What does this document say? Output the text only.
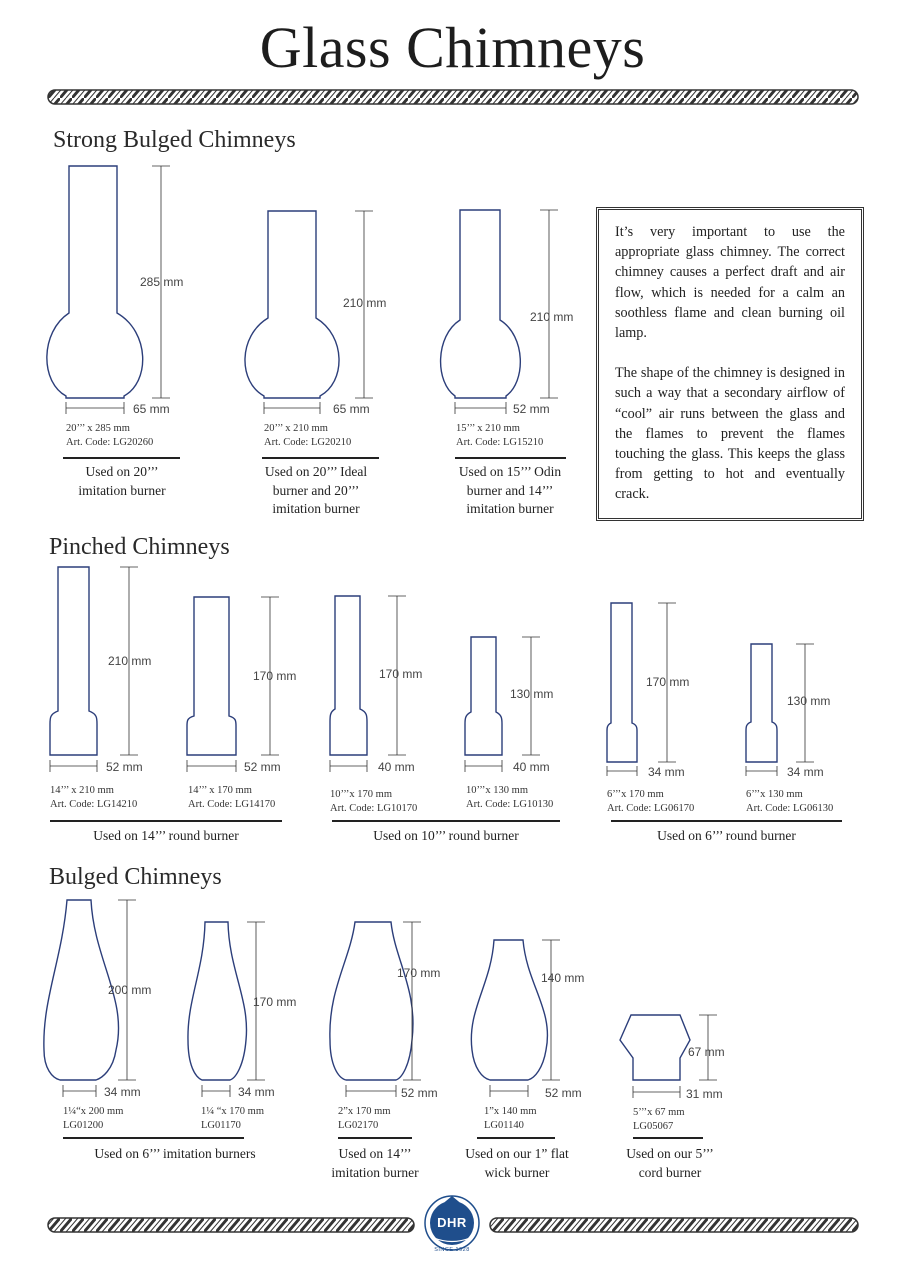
Glass Chimneys
DHR
SINCE 1928
Strong Bulged Chimneys
Pinched Chimneys
Bulged Chimneys

It’s very important to use the appropriate glass chimney. The correct chimney causes a perfect draft and air flow, which is needed for a calm an soothless flame and clean burning oil lamp.

The shape of the chimney is designed in such a way that a secondary airflow of “cool” air runs between the glass and the flames to prevent the flames touching the glass. This keeps the glass from getting to hot and eventually crack.

285 mm
65 mm
20’’’ x 285 mm
Art. Code: LG20260
Used on 20’’’ imitation burner
210 mm
65 mm
20’’’ x 210 mm
Art. Code: LG20210
Used on 20’’’ Ideal burner and 20’’’ imitation burner
210 mm
52 mm
15’’’ x 210 mm
Art. Code: LG15210
Used on 15’’’ Odin burner and 14’’’ imitation burner
210 mm
52 mm
14’’’ x 210 mm
Art. Code: LG14210
170 mm
52 mm
14’’’ x 170 mm
Art. Code: LG14170
170 mm
40 mm
10’’’x 170 mm
Art. Code: LG10170
130 mm
40 mm
10’’’x 130 mm
Art. Code: LG10130
170 mm
34 mm
6’’’x 170 mm
Art. Code: LG06170
130 mm
34 mm
6’’’x 130 mm
Art. Code: LG06130
Used on 14’’’ round burner	Used on 10’’’ round burner	Used on 6’’’ round burner
200 mm
34 mm
1¼“x 200 mm
LG01200
170 mm
34 mm
1¼ “x 170 mm
LG01170
170 mm
52 mm
2”x 170 mm
LG02170
140 mm
52 mm
1”x 140 mm
LG01140
67 mm
31 mm
5’’’x 67 mm
LG05067
Used on 6’’’ imitation burners	Used on 14’’’ imitation burner
Used on our 1” flat wick burner
Used on our 5’’’ cord burner
